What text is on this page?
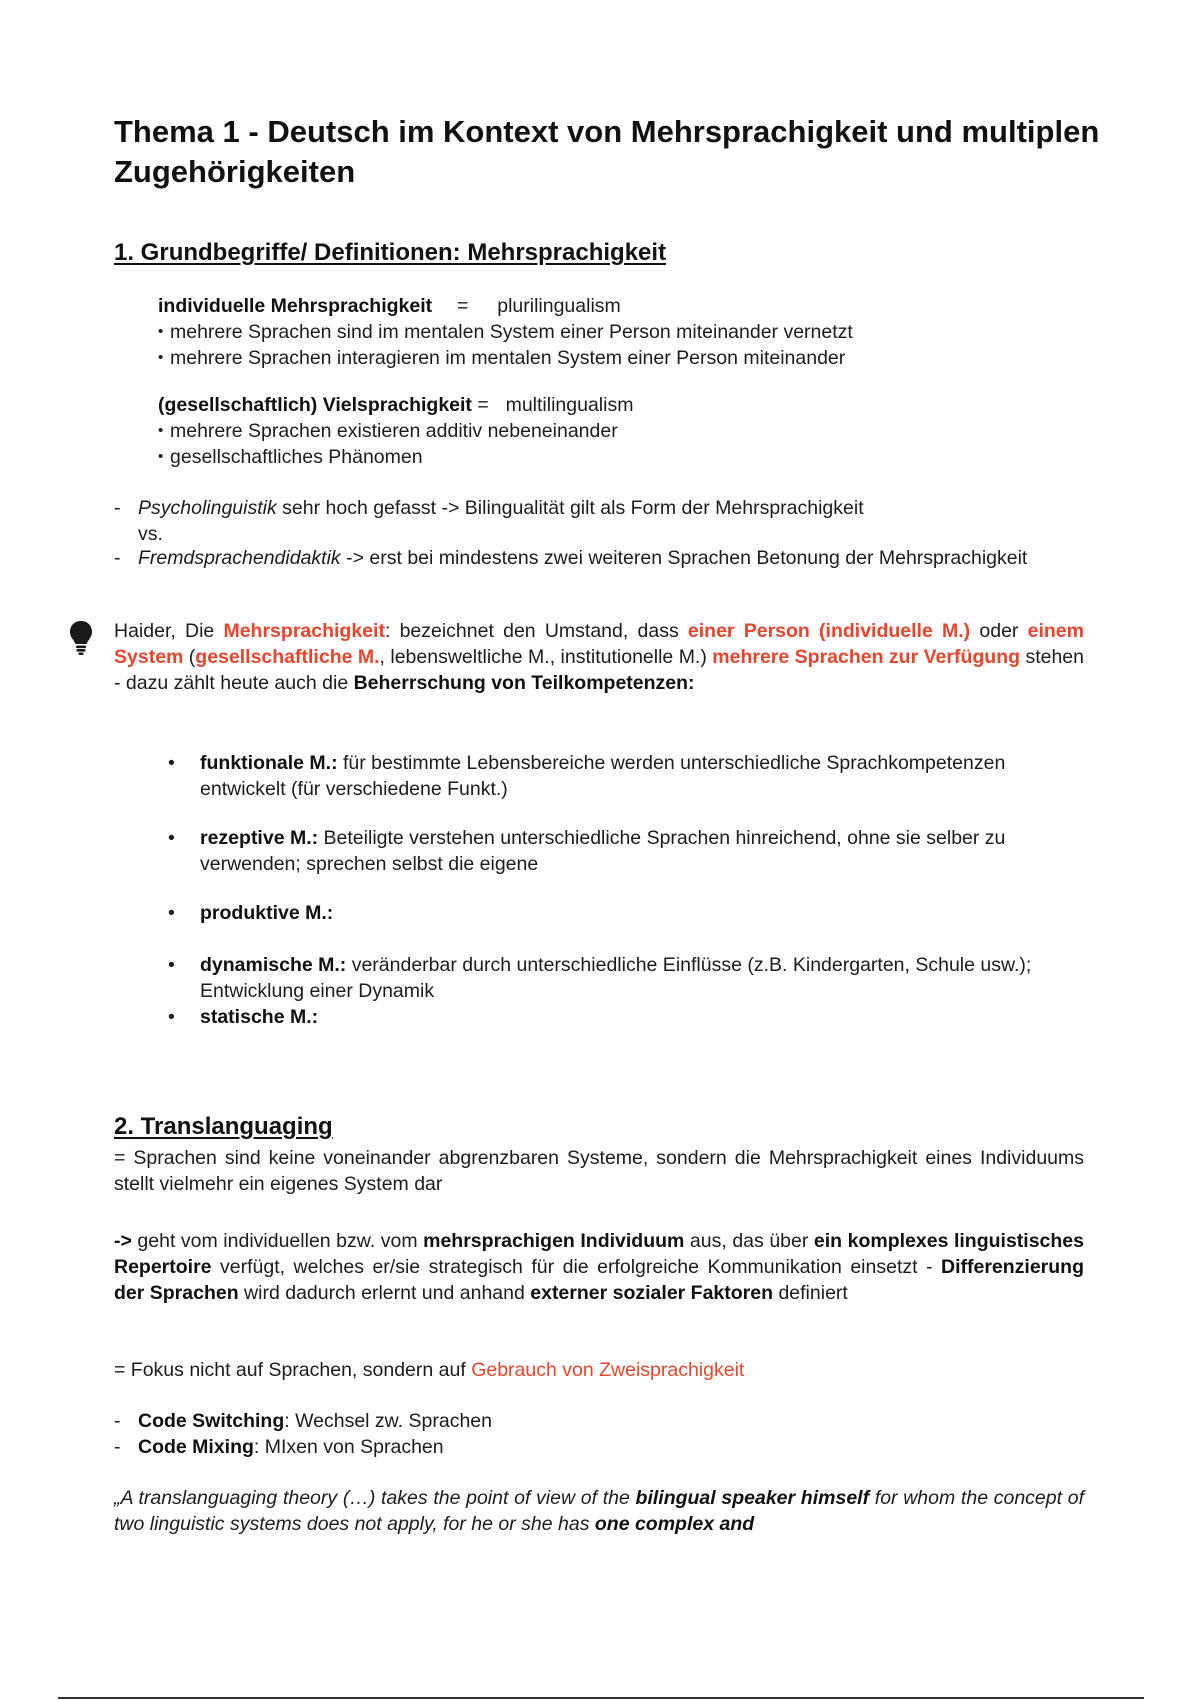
Thema 1 - Deutsch im Kontext von Mehrsprachigkeit und multiplen Zugehörigkeiten
1. Grundbegriffe/ Definitionen: Mehrsprachigkeit
individuelle Mehrsprachigkeit = plurilingualism
• mehrere Sprachen sind im mentalen System einer Person miteinander vernetzt
• mehrere Sprachen interagieren im mentalen System einer Person miteinander
(gesellschaftlich) Vielsprachigkeit = multilingualism
• mehrere Sprachen existieren additiv nebeneinander
• gesellschaftliches Phänomen
- Psycholinguistik sehr hoch gefasst -> Bilingualität gilt als Form der Mehrsprachigkeit
vs.
- Fremdsprachendidaktik -> erst bei mindestens zwei weiteren Sprachen Betonung der Mehrsprachigkeit
Haider, Die Mehrsprachigkeit: bezeichnet den Umstand, dass einer Person (individuelle M.) oder einem System (gesellschaftliche M., lebensweltliche M., institutionelle M.) mehrere Sprachen zur Verfügung stehen - dazu zählt heute auch die Beherrschung von Teilkompetenzen:
• funktionale M.: für bestimmte Lebensbereiche werden unterschiedliche Sprachkompetenzen entwickelt (für verschiedene Funkt.)
• rezeptive M.: Beteiligte verstehen unterschiedliche Sprachen hinreichend, ohne sie selber zu verwenden; sprechen selbst die eigene
• produktive M.:
• dynamische M.: veränderbar durch unterschiedliche Einflüsse (z.B. Kindergarten, Schule usw.); Entwicklung einer Dynamik
• statische M.:
2. Translanguaging
= Sprachen sind keine voneinander abgrenzbaren Systeme, sondern die Mehrsprachigkeit eines Individuums stellt vielmehr ein eigenes System dar
-> geht vom individuellen bzw. vom mehrsprachigen Individuum aus, das über ein komplexes linguistisches Repertoire verfügt, welches er/sie strategisch für die erfolgreiche Kommunikation einsetzt - Differenzierung der Sprachen wird dadurch erlernt und anhand externer sozialer Faktoren definiert
= Fokus nicht auf Sprachen, sondern auf Gebrauch von Zweisprachigkeit
- Code Switching: Wechsel zw. Sprachen
- Code Mixing: MIxen von Sprachen
„A translanguaging theory (…) takes the point of view of the bilingual speaker himself for whom the concept of two linguistic systems does not apply, for he or she has one complex and
